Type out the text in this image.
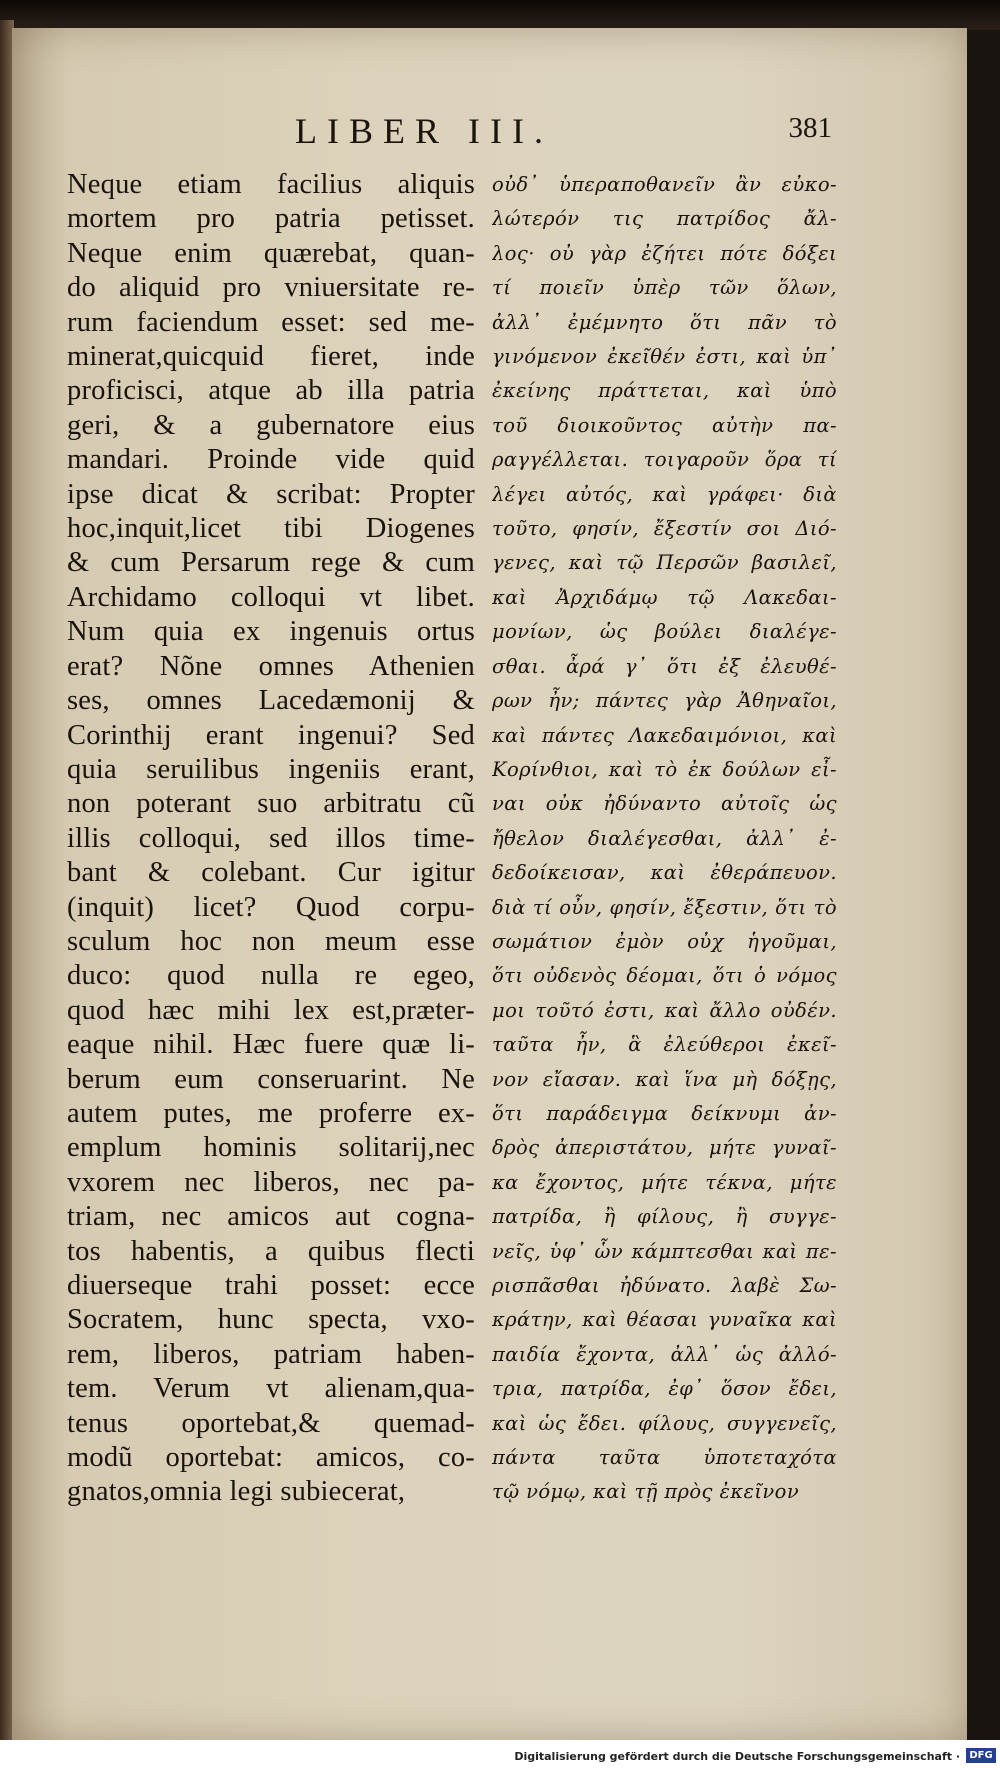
LIBER III.	381
Neque etiam facilius aliquis
mortem pro patria petisset.
Neque enim quærebat, quan-
do aliquid pro vniuersitate re-
rum faciendum esset: sed me-
minerat,quicquid fieret, inde
proficisci, atque ab illa patria
geri, & a gubernatore eius
mandari. Proinde vide quid
ipse dicat & scribat: Propter
hoc,inquit,licet tibi Diogenes
& cum Persarum rege & cum
Archidamo colloqui vt libet.
Num quia ex ingenuis ortus
erat? Nõne omnes Athenien
ses, omnes Lacedæmonij &
Corinthij erant ingenui? Sed
quia seruilibus ingeniis erant,
non poterant suo arbitratu cũ
illis colloqui, sed illos time-
bant & colebant. Cur igitur
(inquit) licet? Quod corpu-
sculum hoc non meum esse
duco: quod nulla re egeo,
quod hæc mihi lex est,præter-
eaque nihil. Hæc fuere quæ li-
berum eum conseruarint. Ne
autem putes, me proferre ex-
emplum hominis solitarij,nec
vxorem nec liberos, nec pa-
triam, nec amicos aut cogna-
tos habentis, a quibus flecti
diuerseque trahi posset: ecce
Socratem, hunc specta, vxo-
rem, liberos, patriam haben-
tem. Verum vt alienam,qua-
tenus oportebat,& quemad-
modũ oportebat: amicos, co-
gnatos,omnia legi subiecerat,
οὐδ᾽ ὑπεραποθανεῖν ἂν εὐκο-
λώτερόν τις πατρίδος ἄλ-
λος· οὐ γὰρ ἐζήτει πότε δόξει
τί ποιεῖν ὑπὲρ τῶν ὅλων,
ἀλλ᾽ ἐμέμνητο ὅτι πᾶν τὸ
γινόμενον ἐκεῖθέν ἐστι, καὶ ὑπ᾽
ἐκείνης πράττεται, καὶ ὑπὸ
τοῦ διοικοῦντος αὐτὴν πα-
ραγγέλλεται. τοιγαροῦν ὅρα τί
λέγει αὐτός, καὶ γράφει· διὰ
τοῦτο, φησίν, ἔξεστίν σοι Διό-
γενες, καὶ τῷ Περσῶν βασιλεῖ,
καὶ Ἀρχιδάμῳ τῷ Λακεδαι-
μονίων, ὡς βούλει διαλέγε-
σθαι. ἆρά γ᾽ ὅτι ἐξ ἐλευθέ-
ρων ἦν; πάντες γὰρ Ἀθηναῖοι,
καὶ πάντες Λακεδαιμόνιοι, καὶ
Κορίνθιοι, καὶ τὸ ἐκ δούλων εἶ-
ναι οὐκ ἠδύναντο αὐτοῖς ὡς
ἤθελον διαλέγεσθαι, ἀλλ᾽ ἐ-
δεδοίκεισαν, καὶ ἐθεράπευον.
διὰ τί οὖν, φησίν, ἔξεστιν, ὅτι τὸ
σωμάτιον ἐμὸν οὐχ ἡγοῦμαι,
ὅτι οὐδενὸς δέομαι, ὅτι ὁ νόμος
μοι τοῦτό ἐστι, καὶ ἄλλο οὐδέν.
ταῦτα ἦν, ἃ ἐλεύθεροι ἐκεῖ-
νον εἴασαν. καὶ ἵνα μὴ δόξῃς,
ὅτι παράδειγμα δείκνυμι ἀν-
δρὸς ἀπεριστάτου, μήτε γυναῖ-
κα ἔχοντος, μήτε τέκνα, μήτε
πατρίδα, ἢ φίλους, ἢ συγγε-
νεῖς, ὑφ᾽ ὧν κάμπτεσθαι καὶ πε-
ρισπᾶσθαι ἠδύνατο. λαβὲ Σω-
κράτην, καὶ θέασαι γυναῖκα καὶ
παιδία ἔχοντα, ἀλλ᾽ ὡς ἀλλό-
τρια, πατρίδα, ἐφ᾽ ὅσον ἔδει,
καὶ ὡς ἔδει. φίλους, συγγενεῖς,
πάντα ταῦτα ὑποτεταχότα
τῷ νόμῳ, καὶ τῇ πρὸς ἐκεῖνον
Digitalisierung gefördert durch die Deutsche Forschungsgemeinschaft · DFG
